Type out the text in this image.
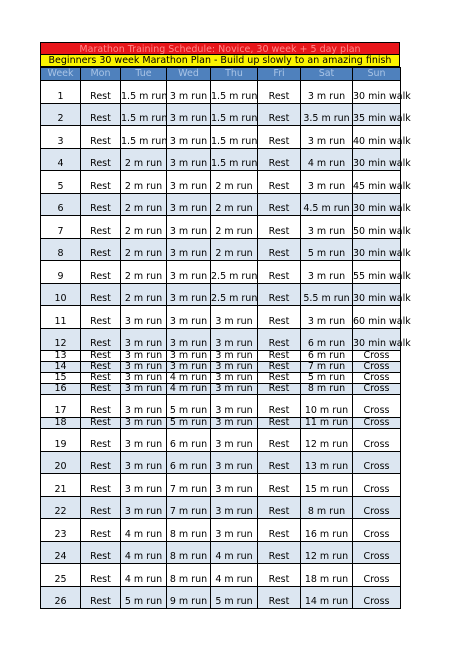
Marathon Training Schedule: Novice, 30 week + 5 day plan
Beginners 30 week Marathon Plan - Build up slowly to an amazing finish
Week	Mon	Tue	Wed	Thu	Fri	Sat	Sun
1	Rest	1.5 m run	3 m run	1.5 m run	Rest	3 m run	30 min walk
2	Rest	1.5 m run	3 m run	1.5 m run	Rest	3.5 m run	35 min walk
3	Rest	1.5 m run	3 m run	1.5 m run	Rest	3 m run	40 min walk
4	Rest	2 m run	3 m run	1.5 m run	Rest	4 m run	30 min walk
5	Rest	2 m run	3 m run	2 m run	Rest	3 m run	45 min walk
6	Rest	2 m run	3 m run	2 m run	Rest	4.5 m run	30 min walk
7	Rest	2 m run	3 m run	2 m run	Rest	3 m run	50 min walk
8	Rest	2 m run	3 m run	2 m run	Rest	5 m run	30 min walk
9	Rest	2 m run	3 m run	2.5 m run	Rest	3 m run	55 min walk
10	Rest	2 m run	3 m run	2.5 m run	Rest	5.5 m run	30 min walk
11	Rest	3 m run	3 m run	3 m run	Rest	3 m run	60 min walk
12	Rest	3 m run	3 m run	3 m run	Rest	6 m run	30 min walk
13	Rest	3 m run	3 m run	3 m run	Rest	6 m run	Cross
14	Rest	3 m run	3 m run	3 m run	Rest	7 m run	Cross
15	Rest	3 m run	4 m run	3 m run	Rest	5 m run	Cross
16	Rest	3 m run	4 m run	3 m run	Rest	8 m run	Cross
17	Rest	3 m run	5 m run	3 m run	Rest	10 m run	Cross
18	Rest	3 m run	5 m run	3 m run	Rest	11 m run	Cross
19	Rest	3 m run	6 m run	3 m run	Rest	12 m run	Cross
20	Rest	3 m run	6 m run	3 m run	Rest	13 m run	Cross
21	Rest	3 m run	7 m run	3 m run	Rest	15 m run	Cross
22	Rest	3 m run	7 m run	3 m run	Rest	8 m run	Cross
23	Rest	4 m run	8 m run	3 m run	Rest	16 m run	Cross
24	Rest	4 m run	8 m run	4 m run	Rest	12 m run	Cross
25	Rest	4 m run	8 m run	4 m run	Rest	18 m run	Cross
26	Rest	5 m run	9 m run	5 m run	Rest	14 m run	Cross
